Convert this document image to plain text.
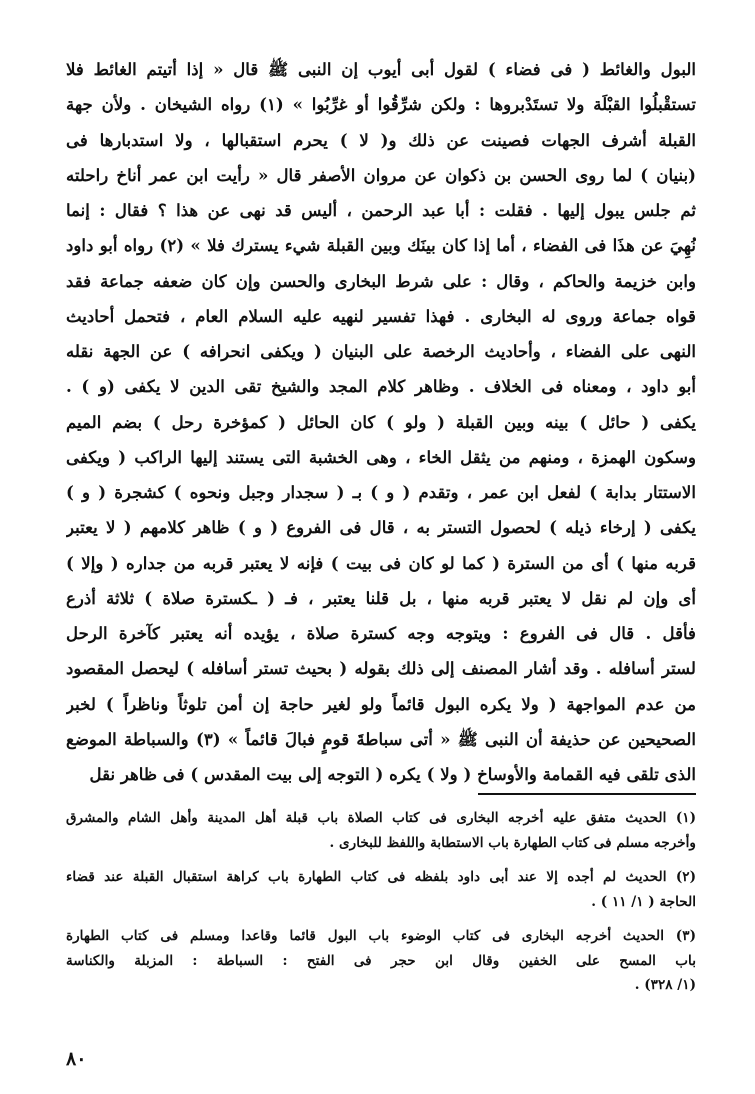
البول والغائط ( فى فضاء ) لقول أبى أيوب إن النبى ﷺ قال « إذا أتيتم الغائط فلا
تستقْبلُوا القبْلَة ولا تستَدْبروها : ولكن شرِّقُوا أو غرِّبُوا » (١) رواه الشيخان . ولأن جهة
القبلة أشرف الجهات فصينت عن ذلك و( لا ) يحرم استقبالها ، ولا استدبارها فى
(بنيان ) لما روى الحسن بن ذكوان عن مروان الأصفر قال « رأيت ابن عمر أناخ راحلته
ثم جلس يبول إليها . فقلت : أبا عبد الرحمن ، أليس قد نهى عن هذا ؟ فقال : إنما
نُهِيَ عن هذَا فى الفضاء ، أما إذا كان بينَك وبين القبلة شيء يسترك فلا » (٢) رواه أبو داود
وابن خزيمة والحاكم ، وقال : على شرط البخارى والحسن وإن كان ضعفه جماعة فقد
قواه جماعة وروى له البخارى . فهذا تفسير لنهيه عليه السلام العام ، فتحمل أحاديث
النهى على الفضاء ، وأحاديث الرخصة على البنيان ( ويكفى انحرافه ) عن الجهة نقله
أبو داود ، ومعناه فى الخلاف . وظاهر كلام المجد والشيخ تقى الدين لا يكفى (و ) .
يكفى ( حائل ) بينه وبين القبلة ( ولو ) كان الحائل ( كمؤخرة رحل ) بضم الميم
وسكون الهمزة ، ومنهم من يثقل الخاء ، وهى الخشبة التى يستند إليها الراكب ( ويكفى
الاستتار بدابة ) لفعل ابن عمر ، وتقدم ( و ) بـ ( سجدار وجبل ونحوه ) كشجرة ( و )
يكفى ( إرخاء ذيله ) لحصول التستر به ، قال فى الفروع ( و ) ظاهر كلامهم ( لا يعتبر
قربه منها ) أى من السترة ( كما لو كان فى بيت ) فإنه لا يعتبر قربه من جداره ( وإلا )
أى وإن لم نقل لا يعتبر قربه منها ، بل قلنا يعتبر ، فـ ( ـكسترة صلاة ) ثلاثة أذرع
فأقل . قال فى الفروع : ويتوجه وجه كسترة صلاة ، يؤيده أنه يعتبر كآخرة الرحل
لستر أسافله . وقد أشار المصنف إلى ذلك بقوله ( بحيث تستر أسافله ) ليحصل المقصود
من عدم المواجهة ( ولا يكره البول قائماً ولو لغير حاجة إن أمن تلوثاً وناظراً ) لخبر
الصحيحين عن حذيفة أن النبى ﷺ « أتى سباطةَ قومٍ فبالَ قائماً » (٣) والسباطة الموضع
الذى تلقى فيه القمامة والأوساخ ( ولا ) يكره ( التوجه إلى بيت المقدس ) فى ظاهر نقل
(١) الحديث متفق عليه أخرجه البخارى فى كتاب الصلاة باب قبلة أهل المدينة وأهل الشام والمشرق
وأخرجه مسلم فى كتاب الطهارة باب الاستطابة واللفظ للبخارى .
(٢) الحديث لم أجده إلا عند أبى داود بلفظه فى كتاب الطهارة باب كراهة استقبال القبلة عند قضاء
الحاجة ( ١/ ١١ ) .
(٣) الحديث أخرجه البخارى فى كتاب الوضوء باب البول قائما وقاعدا ومسلم فى كتاب الطهارة
باب المسح على الخفين وقال ابن حجر فى الفتح : السباطة : المزبلة والكناسة
(١/ ٣٢٨) .
٨٠
